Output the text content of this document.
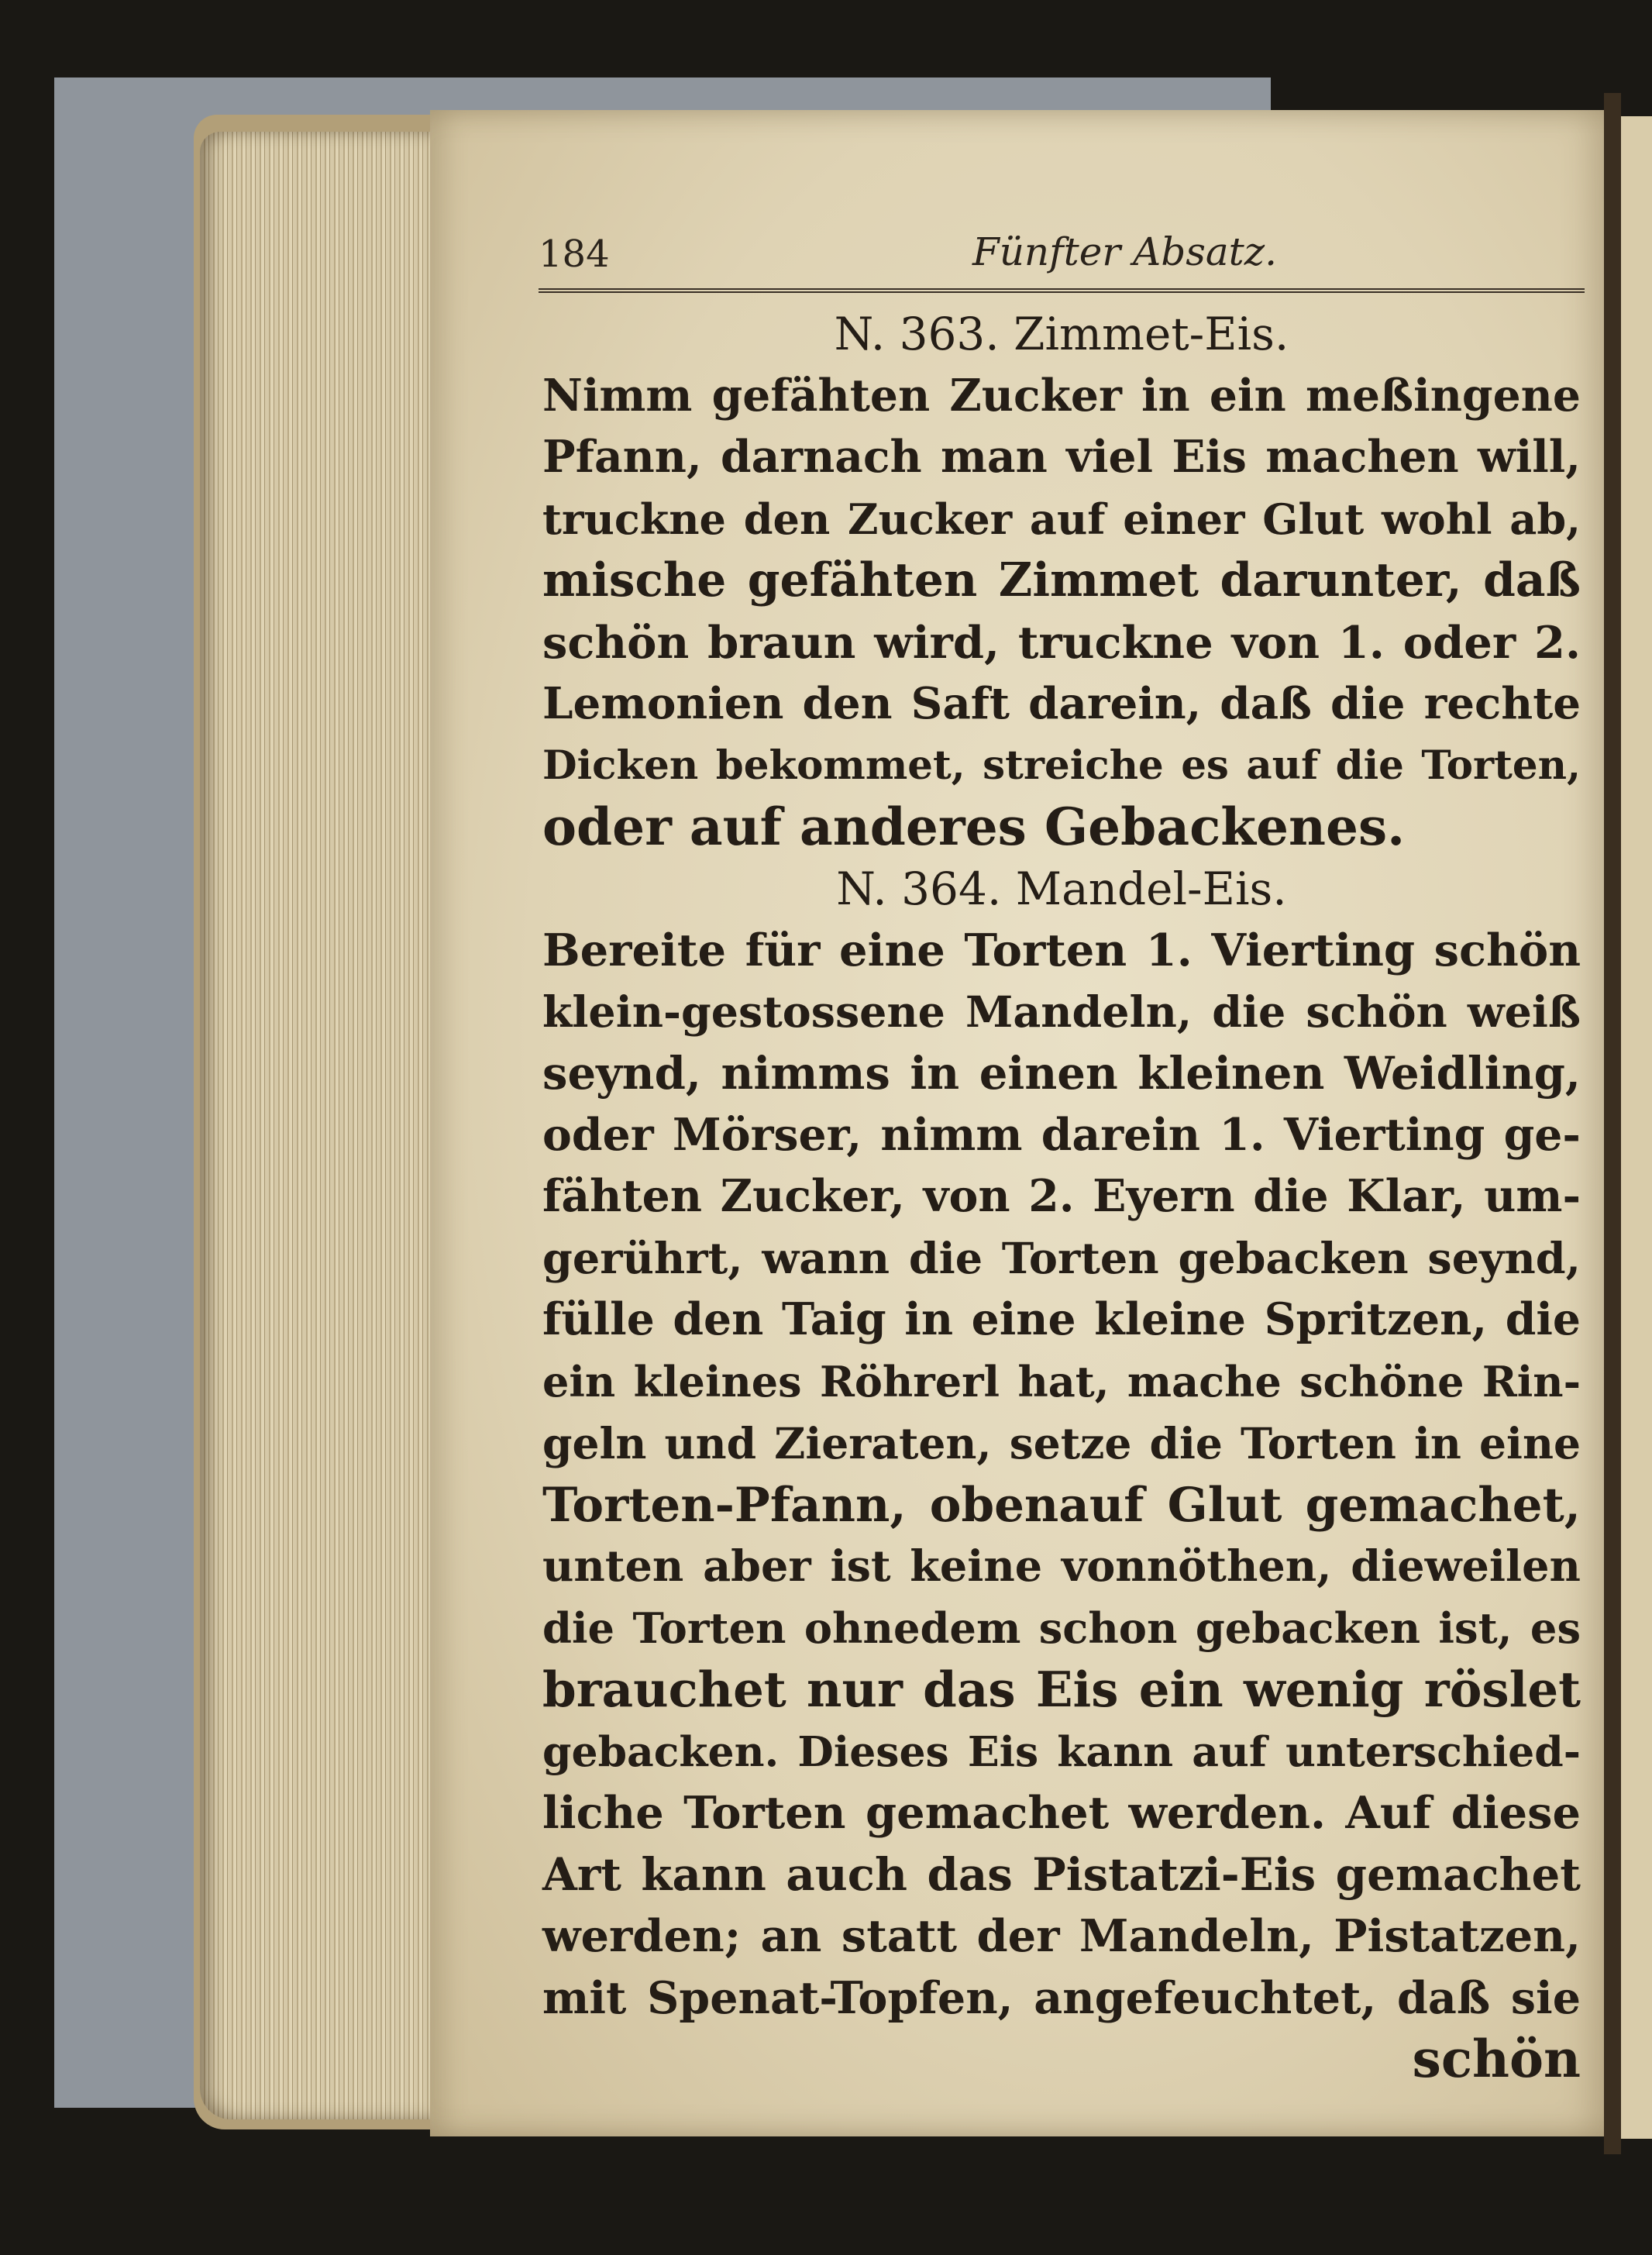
184	Fünfter Absatz.
N. 363. Zimmet-Eis.
Nimm gefähten Zucker in ein meßingene
Pfann, darnach man viel Eis machen will,
truckne den Zucker auf einer Glut wohl ab,
mische gefähten Zimmet darunter, daß
schön braun wird, truckne von 1. oder 2.
Lemonien den Saft darein, daß die rechte
Dicken bekommet, streiche es auf die Torten,
oder auf anderes Gebackenes.
N. 364. Mandel-Eis.
Bereite für eine Torten 1. Vierting schön
klein-gestossene Mandeln, die schön weiß
seynd, nimms in einen kleinen Weidling,
oder Mörser, nimm darein 1. Vierting ge-
fähten Zucker, von 2. Eyern die Klar, um-
gerührt, wann die Torten gebacken seynd,
fülle den Taig in eine kleine Spritzen, die
ein kleines Röhrerl hat, mache schöne Rin-
geln und Zieraten, setze die Torten in eine
Torten-Pfann, obenauf Glut gemachet,
unten aber ist keine vonnöthen, dieweilen
die Torten ohnedem schon gebacken ist, es
brauchet nur das Eis ein wenig röslet
gebacken. Dieses Eis kann auf unterschied-
liche Torten gemachet werden. Auf diese
Art kann auch das Pistatzi-Eis gemachet
werden; an statt der Mandeln, Pistatzen,
mit Spenat-Topfen, angefeuchtet, daß sie
schön
